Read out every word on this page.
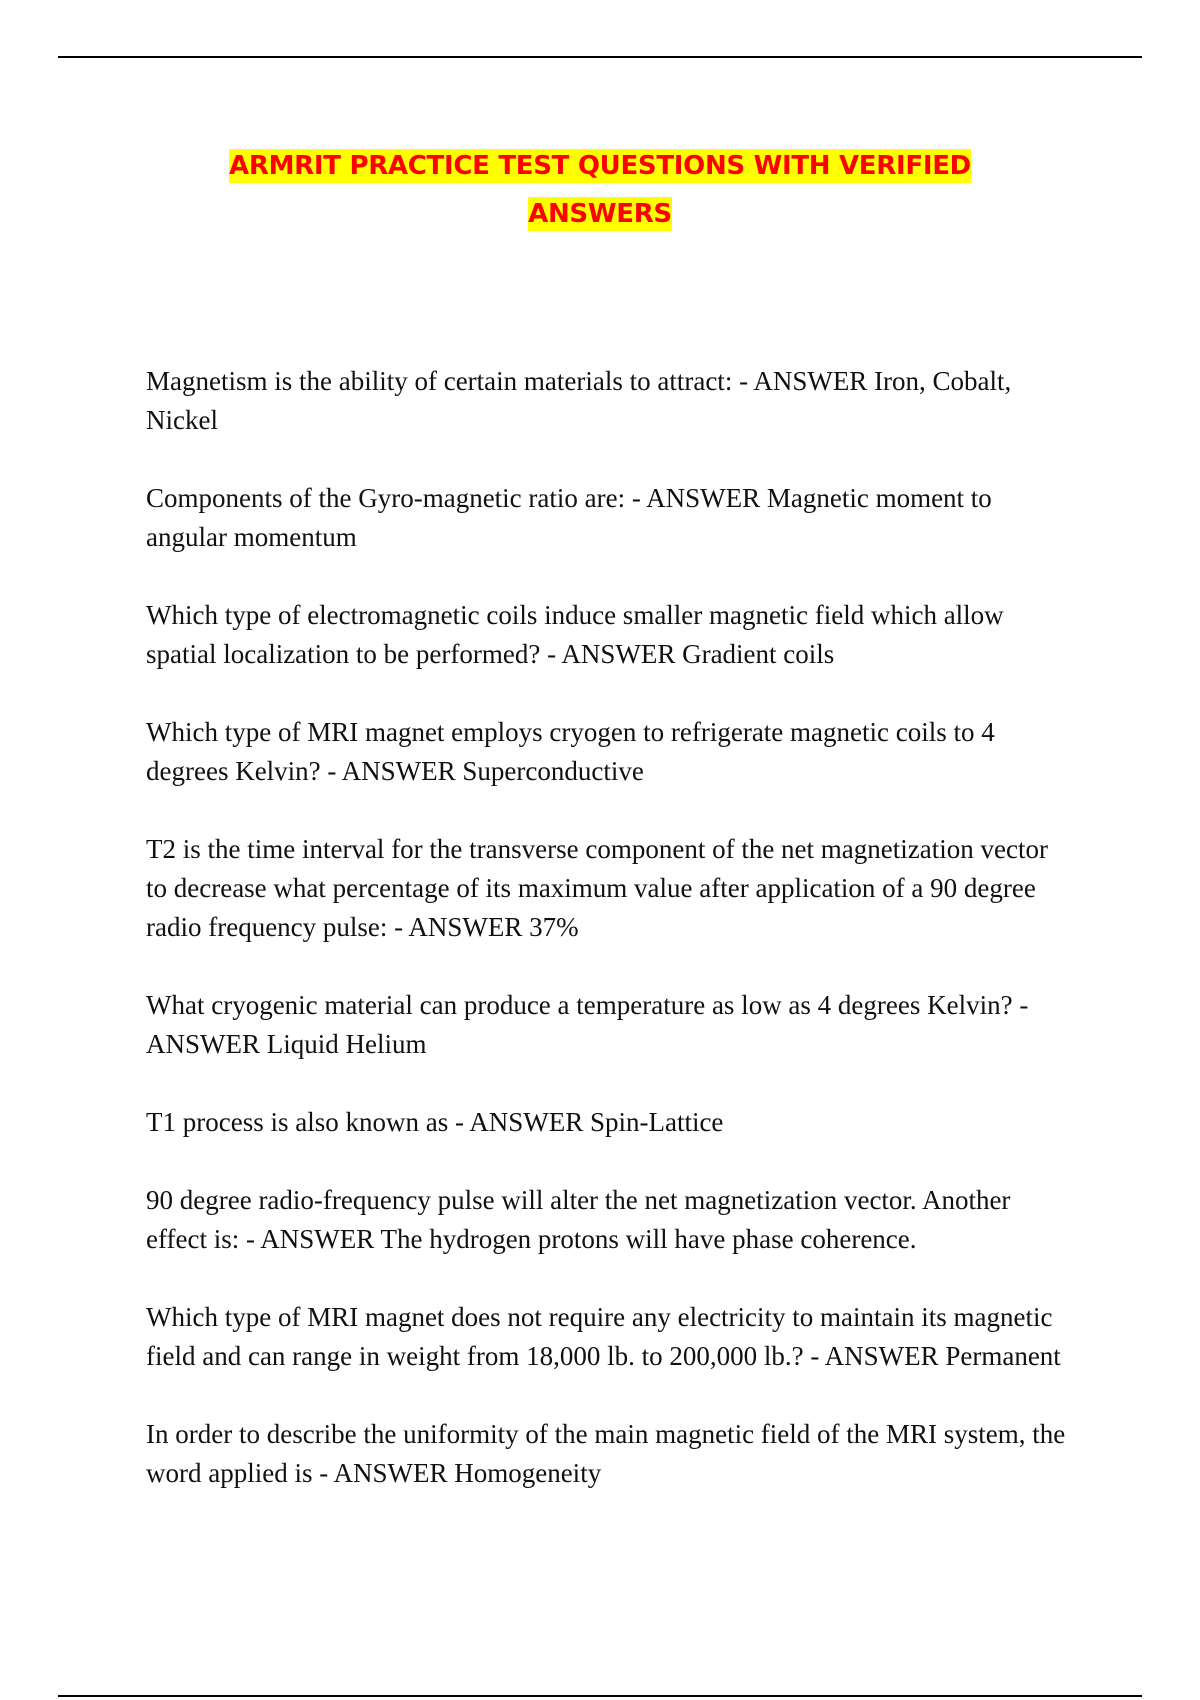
ARMRIT PRACTICE TEST QUESTIONS WITH VERIFIED
ANSWERS

Magnetism is the ability of certain materials to attract: - ANSWER Iron, Cobalt, Nickel

Components of the Gyro-magnetic ratio are: - ANSWER Magnetic moment to angular momentum

Which type of electromagnetic coils induce smaller magnetic field which allow spatial localization to be performed? - ANSWER Gradient coils

Which type of MRI magnet employs cryogen to refrigerate magnetic coils to 4 degrees Kelvin? - ANSWER Superconductive

T2 is the time interval for the transverse component of the net magnetization vector to decrease what percentage of its maximum value after application of a 90 degree radio frequency pulse: - ANSWER 37%

What cryogenic material can produce a temperature as low as 4 degrees Kelvin? - ANSWER Liquid Helium

T1 process is also known as - ANSWER Spin-Lattice

90 degree radio-frequency pulse will alter the net magnetization vector. Another effect is: - ANSWER The hydrogen protons will have phase coherence.

Which type of MRI magnet does not require any electricity to maintain its magnetic field and can range in weight from 18,000 lb. to 200,000 lb.? - ANSWER Permanent

In order to describe the uniformity of the main magnetic field of the MRI system, the word applied is - ANSWER Homogeneity
